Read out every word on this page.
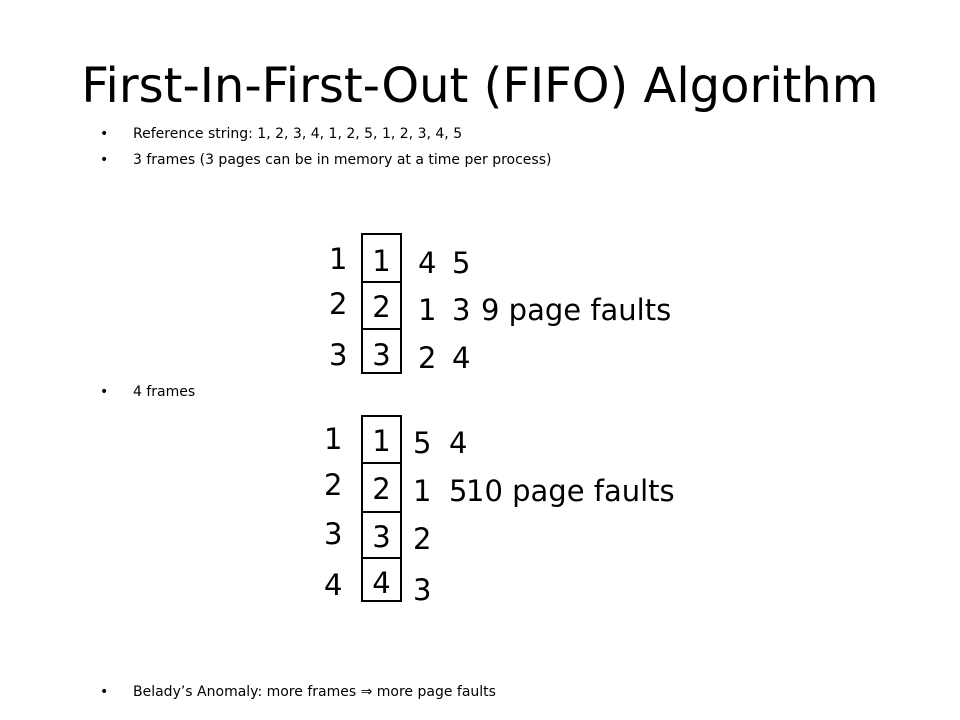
First-In-First-Out (FIFO) Algorithm
• Reference string: 1, 2, 3, 4, 1, 2, 5, 1, 2, 3, 4, 5
• 3 frames (3 pages can be in memory at a time per process)
• 4 frames
• Belady’s Anomaly: more frames ⇒ more page faults
1
2
3
1
2
3
4 5
1 3
2 4
9 page faults
1
2
3
4
1
2
3
4
5 4
1 5
2
3
10 page faults
